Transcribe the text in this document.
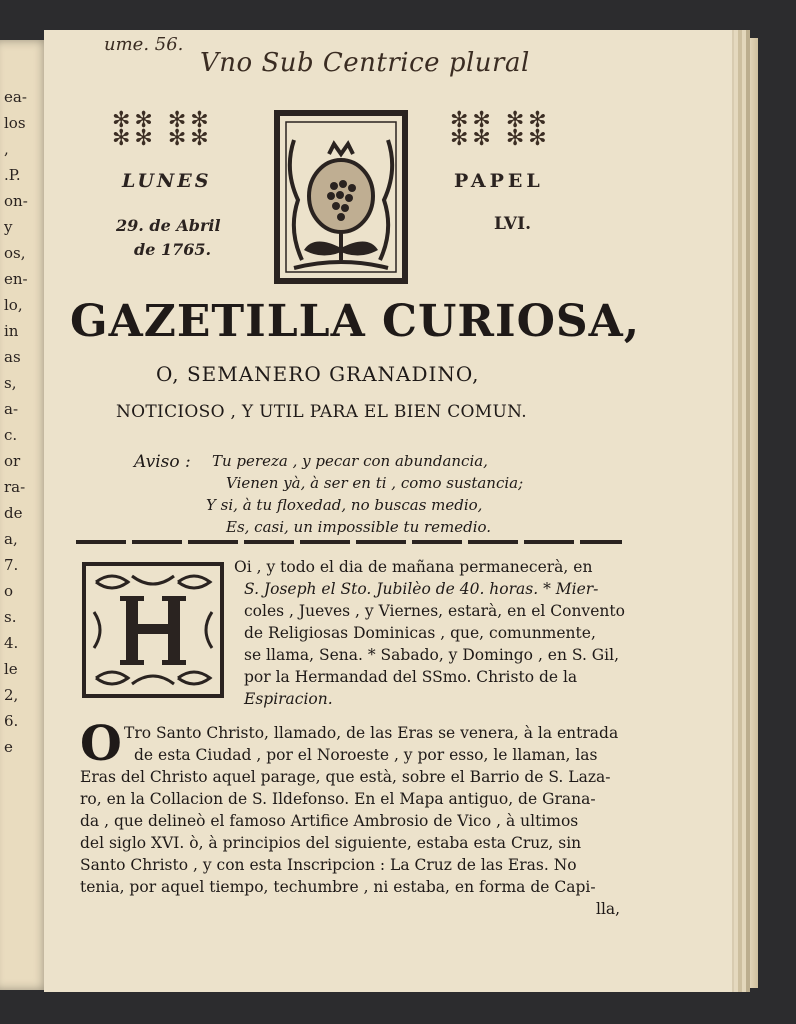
ea-
los
,
.P.
on-
y
os,
en-
lo,
in
as
s,
a-
c.
or
ra-
de
a,
7.
o
s.
4.
le
2,
6.
e
ume. 56.
Vno Sub Centrice plural
✻✻ ✻✻
✻✻ ✻✻
✻✻ ✻✻
✻✻ ✻✻
LUNES
29. de Abril
de 1765.
PAPEL
LVI.
GAZETILLA CURIOSA,
O, SEMANERO GRANADINO,
NOTICIOSO , Y UTIL PARA EL BIEN COMUN.
Aviso : Tu pereza , y pecar con abundancia,
Vienen yà, à ser en ti , como sustancia;
Y si, à tu floxedad, no buscas medio,
Es, casi, un impossible tu remedio.
Oi , y todo el dia de mañana permanecerà, en
S. Joseph el Sto. Jubilèo de 40. horas. * Mier-
coles , Jueves , y Viernes, estarà, en el Convento
de Religiosas Dominicas , que, comunmente,
se llama, Sena. * Sabado, y Domingo , en S. Gil,
por la Hermandad del SSmo. Christo de la
Espiracion.
O Tro Santo Christo, llamado, de las Eras se venera, à la entrada
de esta Ciudad , por el Noroeste , y por esso, le llaman, las
Eras del Christo aquel parage, que està, sobre el Barrio de S. Laza-
ro, en la Collacion de S. Ildefonso. En el Mapa antiguo, de Grana-
da , que delineò el famoso Artifice Ambrosio de Vico , à ultimos
del siglo XVI. ò, à principios del siguiente, estaba esta Cruz, sin
Santo Christo , y con esta Inscripcion : La Cruz de las Eras. No
tenia, por aquel tiempo, techumbre , ni estaba, en forma de Capi-
lla,
